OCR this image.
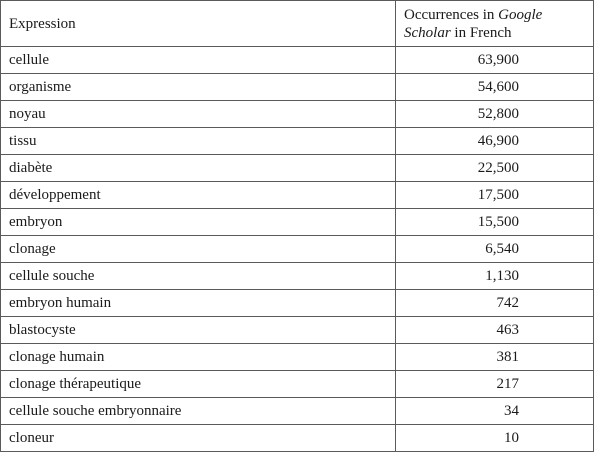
Expression	Occurrences in Google
Scholar in French
cellule	63,900
organisme	54,600
noyau	52,800
tissu	46,900
diabète	22,500
développement	17,500
embryon	15,500
clonage	6,540
cellule souche	1,130
embryon humain	742
blastocyste	463
clonage humain	381
clonage thérapeutique	217
cellule souche embryonnaire	34
cloneur	10
